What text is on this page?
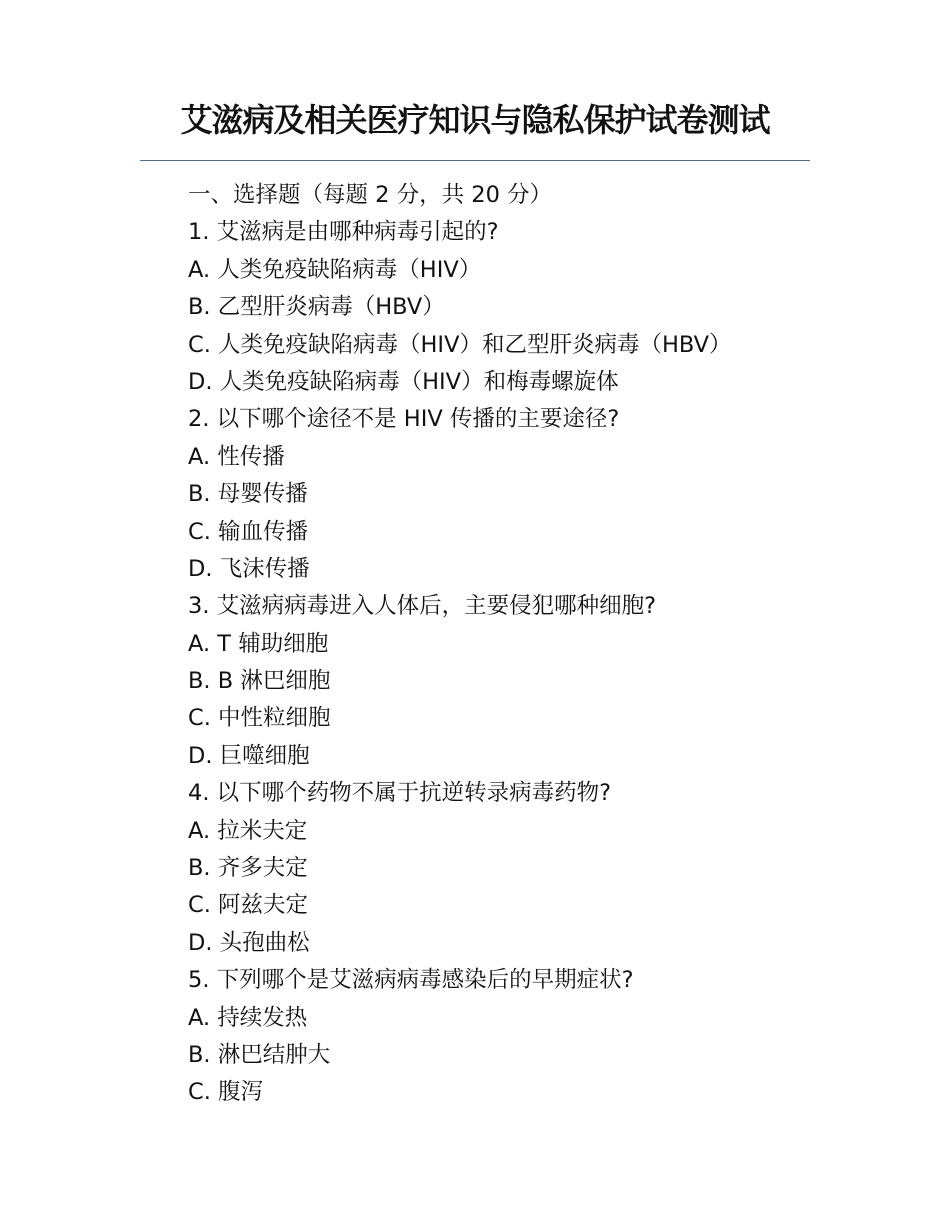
艾滋病及相关医疗知识与隐私保护试卷测试
一、选择题（每题 2 分，共 20 分）
1. 艾滋病是由哪种病毒引起的?
A. 人类免疫缺陷病毒（HIV）
B. 乙型肝炎病毒（HBV）
C. 人类免疫缺陷病毒（HIV）和乙型肝炎病毒（HBV）
D. 人类免疫缺陷病毒（HIV）和梅毒螺旋体
2. 以下哪个途径不是 HIV 传播的主要途径?
A. 性传播
B. 母婴传播
C. 输血传播
D. 飞沫传播
3. 艾滋病病毒进入人体后，主要侵犯哪种细胞?
A. T 辅助细胞
B. B 淋巴细胞
C. 中性粒细胞
D. 巨噬细胞
4. 以下哪个药物不属于抗逆转录病毒药物?
A. 拉米夫定
B. 齐多夫定
C. 阿兹夫定
D. 头孢曲松
5. 下列哪个是艾滋病病毒感染后的早期症状?
A. 持续发热
B. 淋巴结肿大
C. 腹泻
